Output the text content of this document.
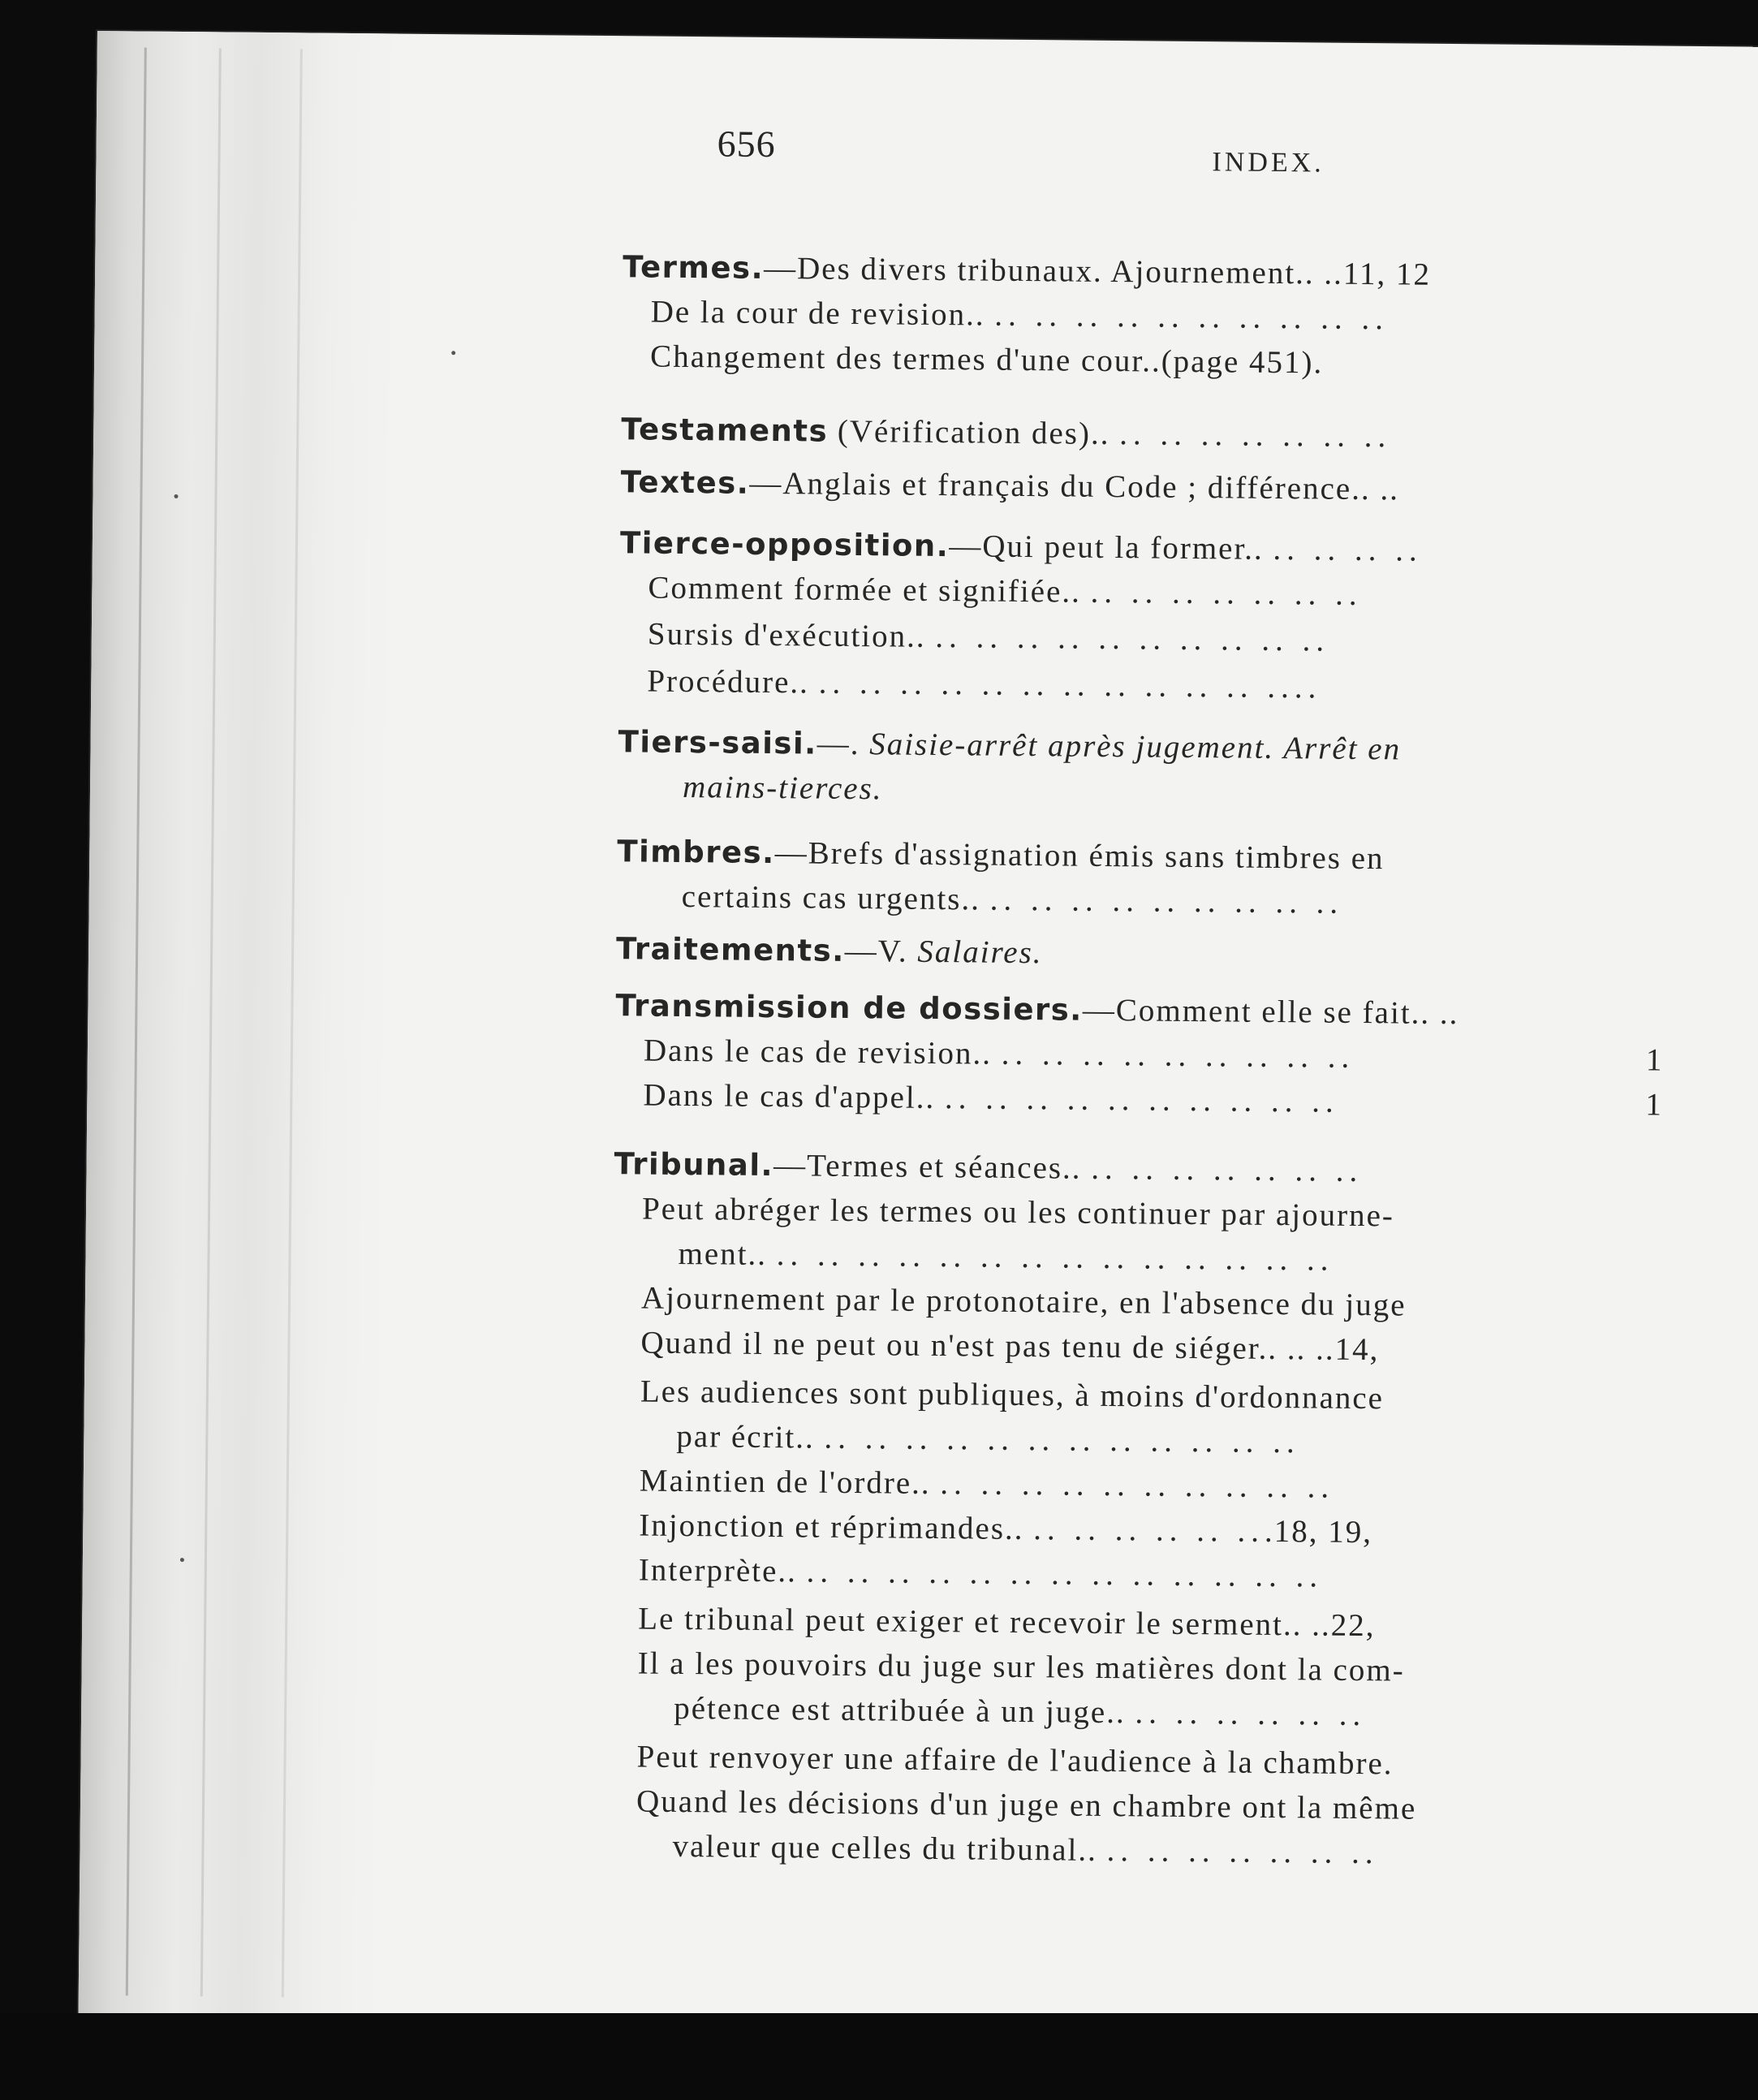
656	INDEX.
Termes.—Des divers tribunaux. Ajournement.. ..11, 12
De la cour de revision.. .. .. .. .. .. .. .. .. .. ..
Changement des termes d'une cour..(page 451).
Testaments (Vérification des).. .. .. .. .. .. .. ..
Textes.—Anglais et français du Code ; différence.. ..
Tierce-opposition.—Qui peut la former.. .. .. .. ..
Comment formée et signifiée.. .. .. .. .. .. .. ..
Sursis d'exécution.. .. .. .. .. .. .. .. .. .. ..
Procédure.. .. .. .. .. .. .. .. .. .. .. .. ....
Tiers-saisi.—. Saisie-arrêt après jugement. Arrêt en
mains-tierces.
Timbres.—Brefs d'assignation émis sans timbres en
certains cas urgents.. .. .. .. .. .. .. .. .. ..
Traitements.—V. Salaires.
Transmission de dossiers.—Comment elle se fait.. ..
Dans le cas de revision.. .. .. .. .. .. .. .. .. ..
Dans le cas d'appel.. .. .. .. .. .. .. .. .. .. ..
Tribunal.—Termes et séances.. .. .. .. .. .. .. ..
Peut abréger les termes ou les continuer par ajourne-
ment.. .. .. .. .. .. .. .. .. .. .. .. .. .. ..
Ajournement par le protonotaire, en l'absence du juge
Quand il ne peut ou n'est pas tenu de siéger.. .. ..14,
Les audiences sont publiques, à moins d'ordonnance
par écrit.. .. .. .. .. .. .. .. .. .. .. .. ..
Maintien de l'ordre.. .. .. .. .. .. .. .. .. .. ..
Injonction et réprimandes.. .. .. .. .. .. ...18, 19,
Interprète.. .. .. .. .. .. .. .. .. .. .. .. .. ..
Le tribunal peut exiger et recevoir le serment.. ..22,
Il a les pouvoirs du juge sur les matières dont la com-
pétence est attribuée à un juge.. .. .. .. .. .. ..
Peut renvoyer une affaire de l'audience à la chambre.
Quand les décisions d'un juge en chambre ont la même
valeur que celles du tribunal.. .. .. .. .. .. .. ..
1
1
